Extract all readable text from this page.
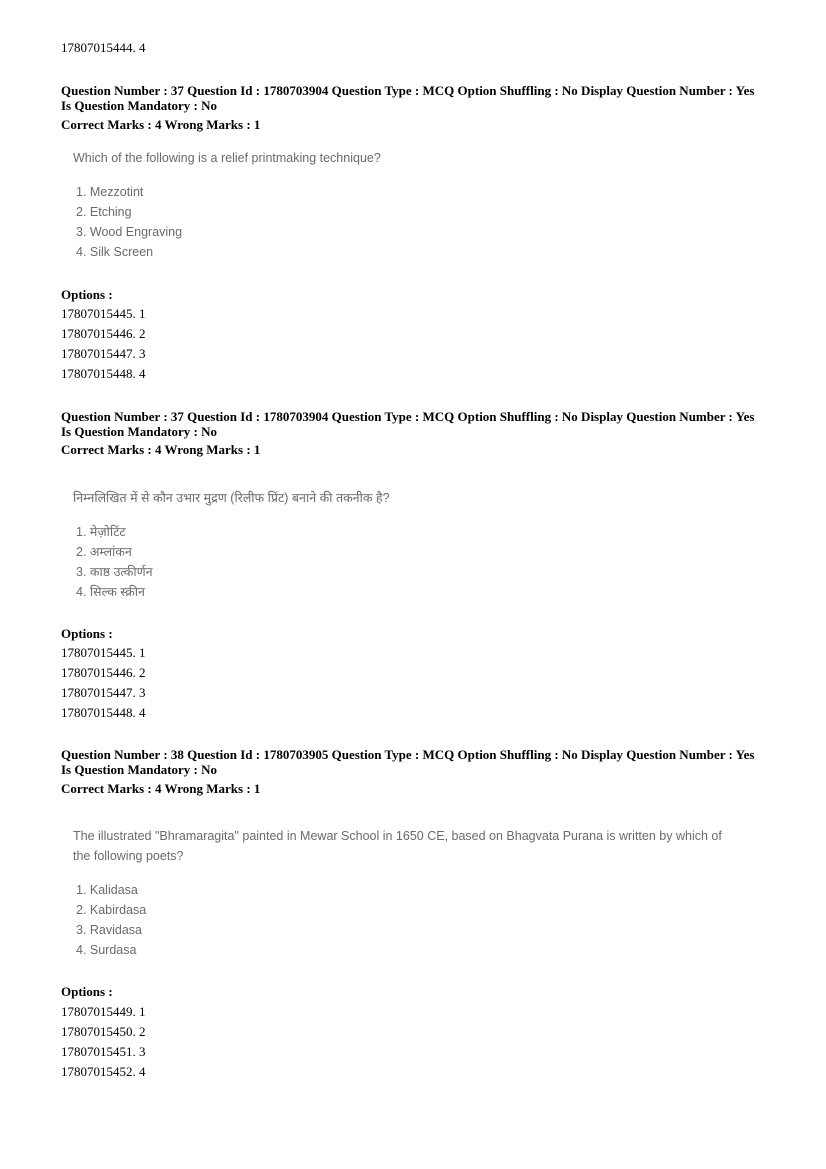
17807015444. 4
Question Number : 37 Question Id : 1780703904 Question Type : MCQ Option Shuffling : No Display Question Number : Yes
Is Question Mandatory : No
Correct Marks : 4 Wrong Marks : 1
Which of the following is a relief printmaking technique?
1. Mezzotint
2. Etching
3. Wood Engraving
4. Silk Screen
Options :
17807015445. 1
17807015446. 2
17807015447. 3
17807015448. 4
Question Number : 37 Question Id : 1780703904 Question Type : MCQ Option Shuffling : No Display Question Number : Yes
Is Question Mandatory : No
Correct Marks : 4 Wrong Marks : 1
निम्नलिखित में से कौन उभार मुद्रण (रिलीफ प्रिंट) बनाने की तकनीक है?
1. मेज़ोटिंट
2. अम्लांकन
3. काष्ठ उत्कीर्णन
4. सिल्क स्क्रीन
Options :
17807015445. 1
17807015446. 2
17807015447. 3
17807015448. 4
Question Number : 38 Question Id : 1780703905 Question Type : MCQ Option Shuffling : No Display Question Number : Yes
Is Question Mandatory : No
Correct Marks : 4 Wrong Marks : 1
The illustrated "Bhramaragita" painted in Mewar School in 1650 CE, based on Bhagvata Purana is written by which of
the following poets?
1. Kalidasa
2. Kabirdasa
3. Ravidasa
4. Surdasa
Options :
17807015449. 1
17807015450. 2
17807015451. 3
17807015452. 4
